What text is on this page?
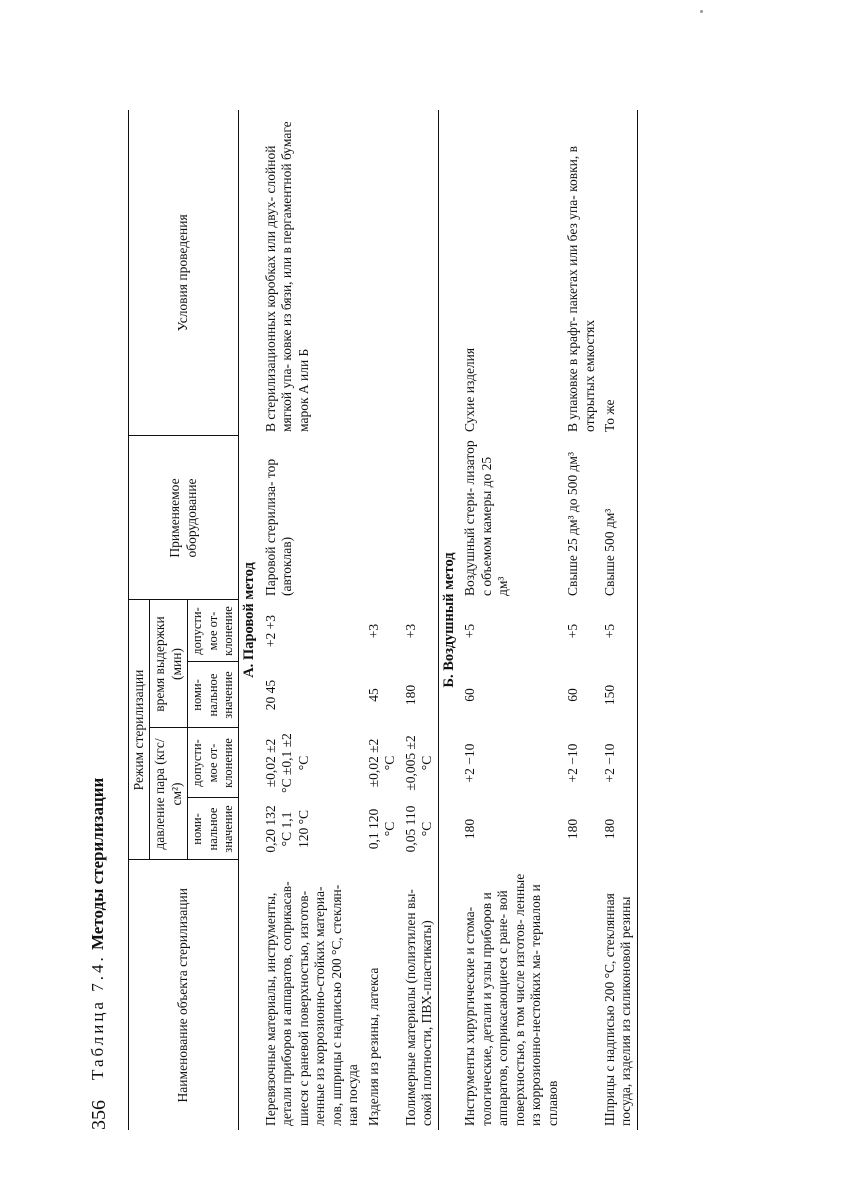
356
Таблица 7.4. Методы стерилизации
Наименование объекта стерилизации	Режим стерилизации				Применяемое оборудование	Условия проведения
	давление пара (кгс/см²)		время выдержки (мин)			
	номи- нальное значение	допусти- мое от- клонение	номи- нальное значение	допусти- мое от- клонение		
А. Паровой метод						
Перевязочные материалы, инструменты, детали приборов и аппаратов, соприкасав- шиеся с раневой поверхностью, изготов- ленные из коррозионно-стойких материа- лов, шприцы с надписью 200 °С, стеклян- ная посуда	0,20 132 °С 1,1 120 °С	±0,02 ±2 °С ±0,1 ±2 °С	20 45	+2 +3	Паровой стерилиза- тор (автоклав)	В стерилизационных коробках или двух- слойной мягкой упа- ковке из бязи, или в пергаментной бумаге марок А или Б
Изделия из резины, латекса	0,1 120 °С	±0,02 ±2 °С	45	+3		
Полимерные материалы (полиэтилен вы- сокой плотности, ПВХ-пластикаты)	0,05 110 °С	±0,005 ±2 °С	180	+3		
Б. Воздушный метод						
Инструменты хирургические и стома- тологические, детали и узлы приборов и аппаратов, соприкасающиеся с ране- вой поверхностью, в том числе изготов- ленные из коррозионно-нестойких ма- териалов и сплавов	180	+2 −10	60	+5	Воздушный стери- лизатор с объемом камеры до 25 дм³	Сухие изделия
	180	+2 −10	60	+5	Свыше 25 дм³ до 500 дм³	В упаковке в крафт- пакетах или без упа- ковки, в открытых емкостях
Шприцы с надписью 200 °С, стеклянная посуда, изделия из силиконовой резины	180	+2 −10	150	+5	Свыше 500 дм³	То же
